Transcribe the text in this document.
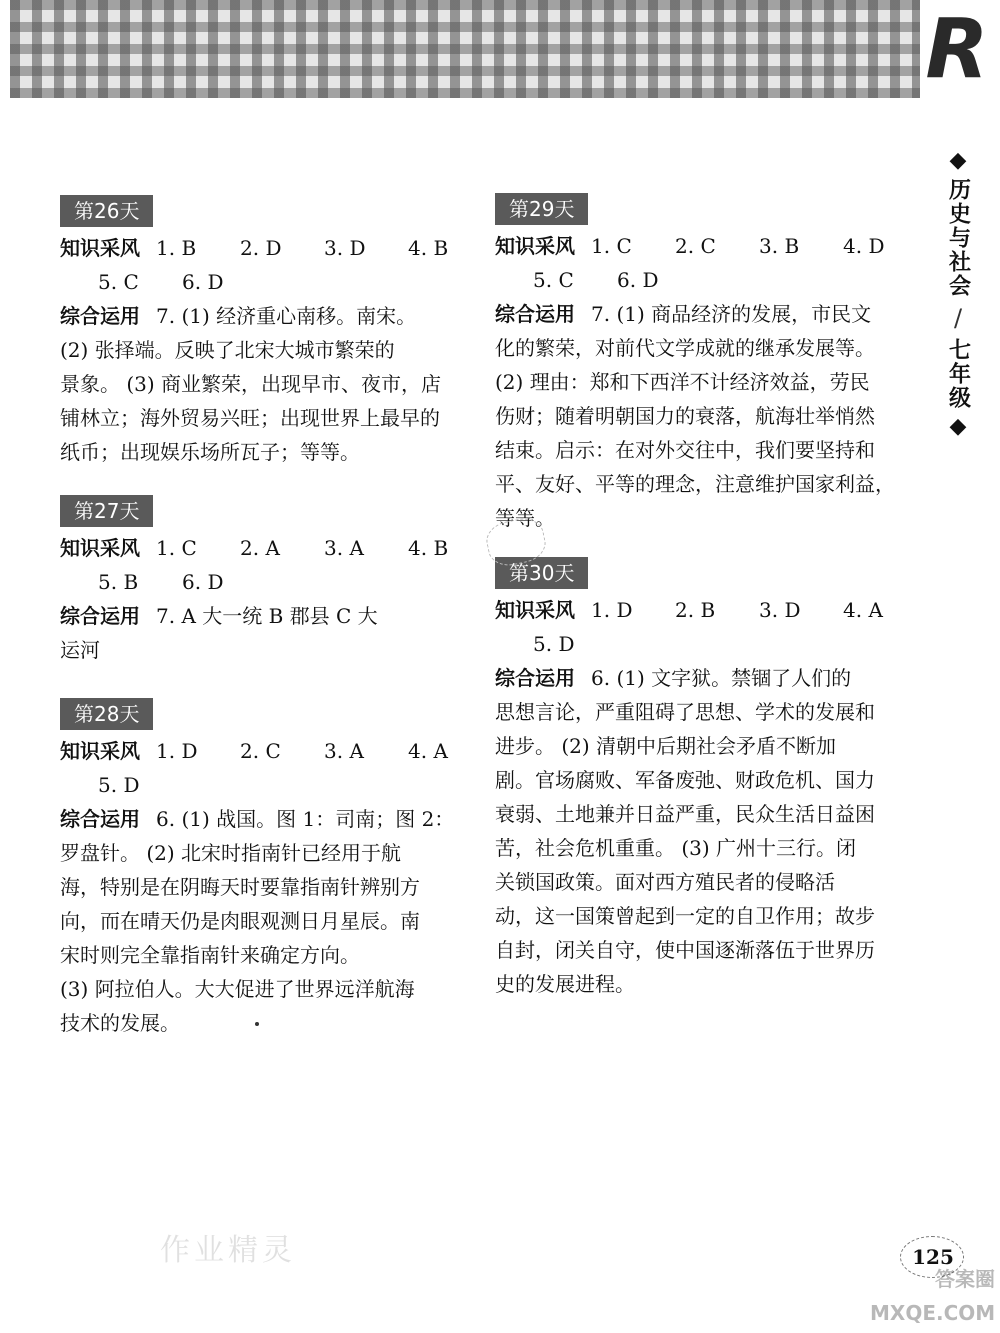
R
◆
历史与社会
/
七年级
◆
第26天
知识采风 1. B 2. D 3. D 4. B
5. C 6. D
综合运用 7. (1) 经济重心南移。南宋。
(2) 张择端。反映了北宋大城市繁荣的
景象。 (3) 商业繁荣，出现早市、夜市，店
铺林立；海外贸易兴旺；出现世界上最早的
纸币；出现娱乐场所瓦子；等等。
第27天
知识采风 1. C 2. A 3. A 4. B
5. B 6. D
综合运用 7. A 大一统 B 郡县 C 大
运河
第28天
知识采风 1. D 2. C 3. A 4. A
5. D
综合运用 6. (1) 战国。图 1：司南；图 2：
罗盘针。 (2) 北宋时指南针已经用于航
海，特别是在阴晦天时要靠指南针辨别方
向，而在晴天仍是肉眼观测日月星辰。南
宋时则完全靠指南针来确定方向。
(3) 阿拉伯人。大大促进了世界远洋航海
技术的发展。
第29天
知识采风 1. C 2. C 3. B 4. D
5. C 6. D
综合运用 7. (1) 商品经济的发展，市民文
化的繁荣，对前代文学成就的继承发展等。
(2) 理由：郑和下西洋不计经济效益，劳民
伤财；随着明朝国力的衰落，航海壮举悄然
结束。启示：在对外交往中，我们要坚持和
平、友好、平等的理念，注意维护国家利益，
等等。
第30天
知识采风 1. D 2. B 3. D 4. A
5. D
综合运用 6. (1) 文字狱。禁锢了人们的
思想言论，严重阻碍了思想、学术的发展和
进步。 (2) 清朝中后期社会矛盾不断加
剧。官场腐败、军备废弛、财政危机、国力
衰弱、土地兼并日益严重，民众生活日益困
苦，社会危机重重。 (3) 广州十三行。闭
关锁国政策。面对西方殖民者的侵略活
动，这一国策曾起到一定的自卫作用；故步
自封，闭关自守，使中国逐渐落伍于世界历
史的发展进程。
作业精灵	125
答案圈 MXQE.COM
